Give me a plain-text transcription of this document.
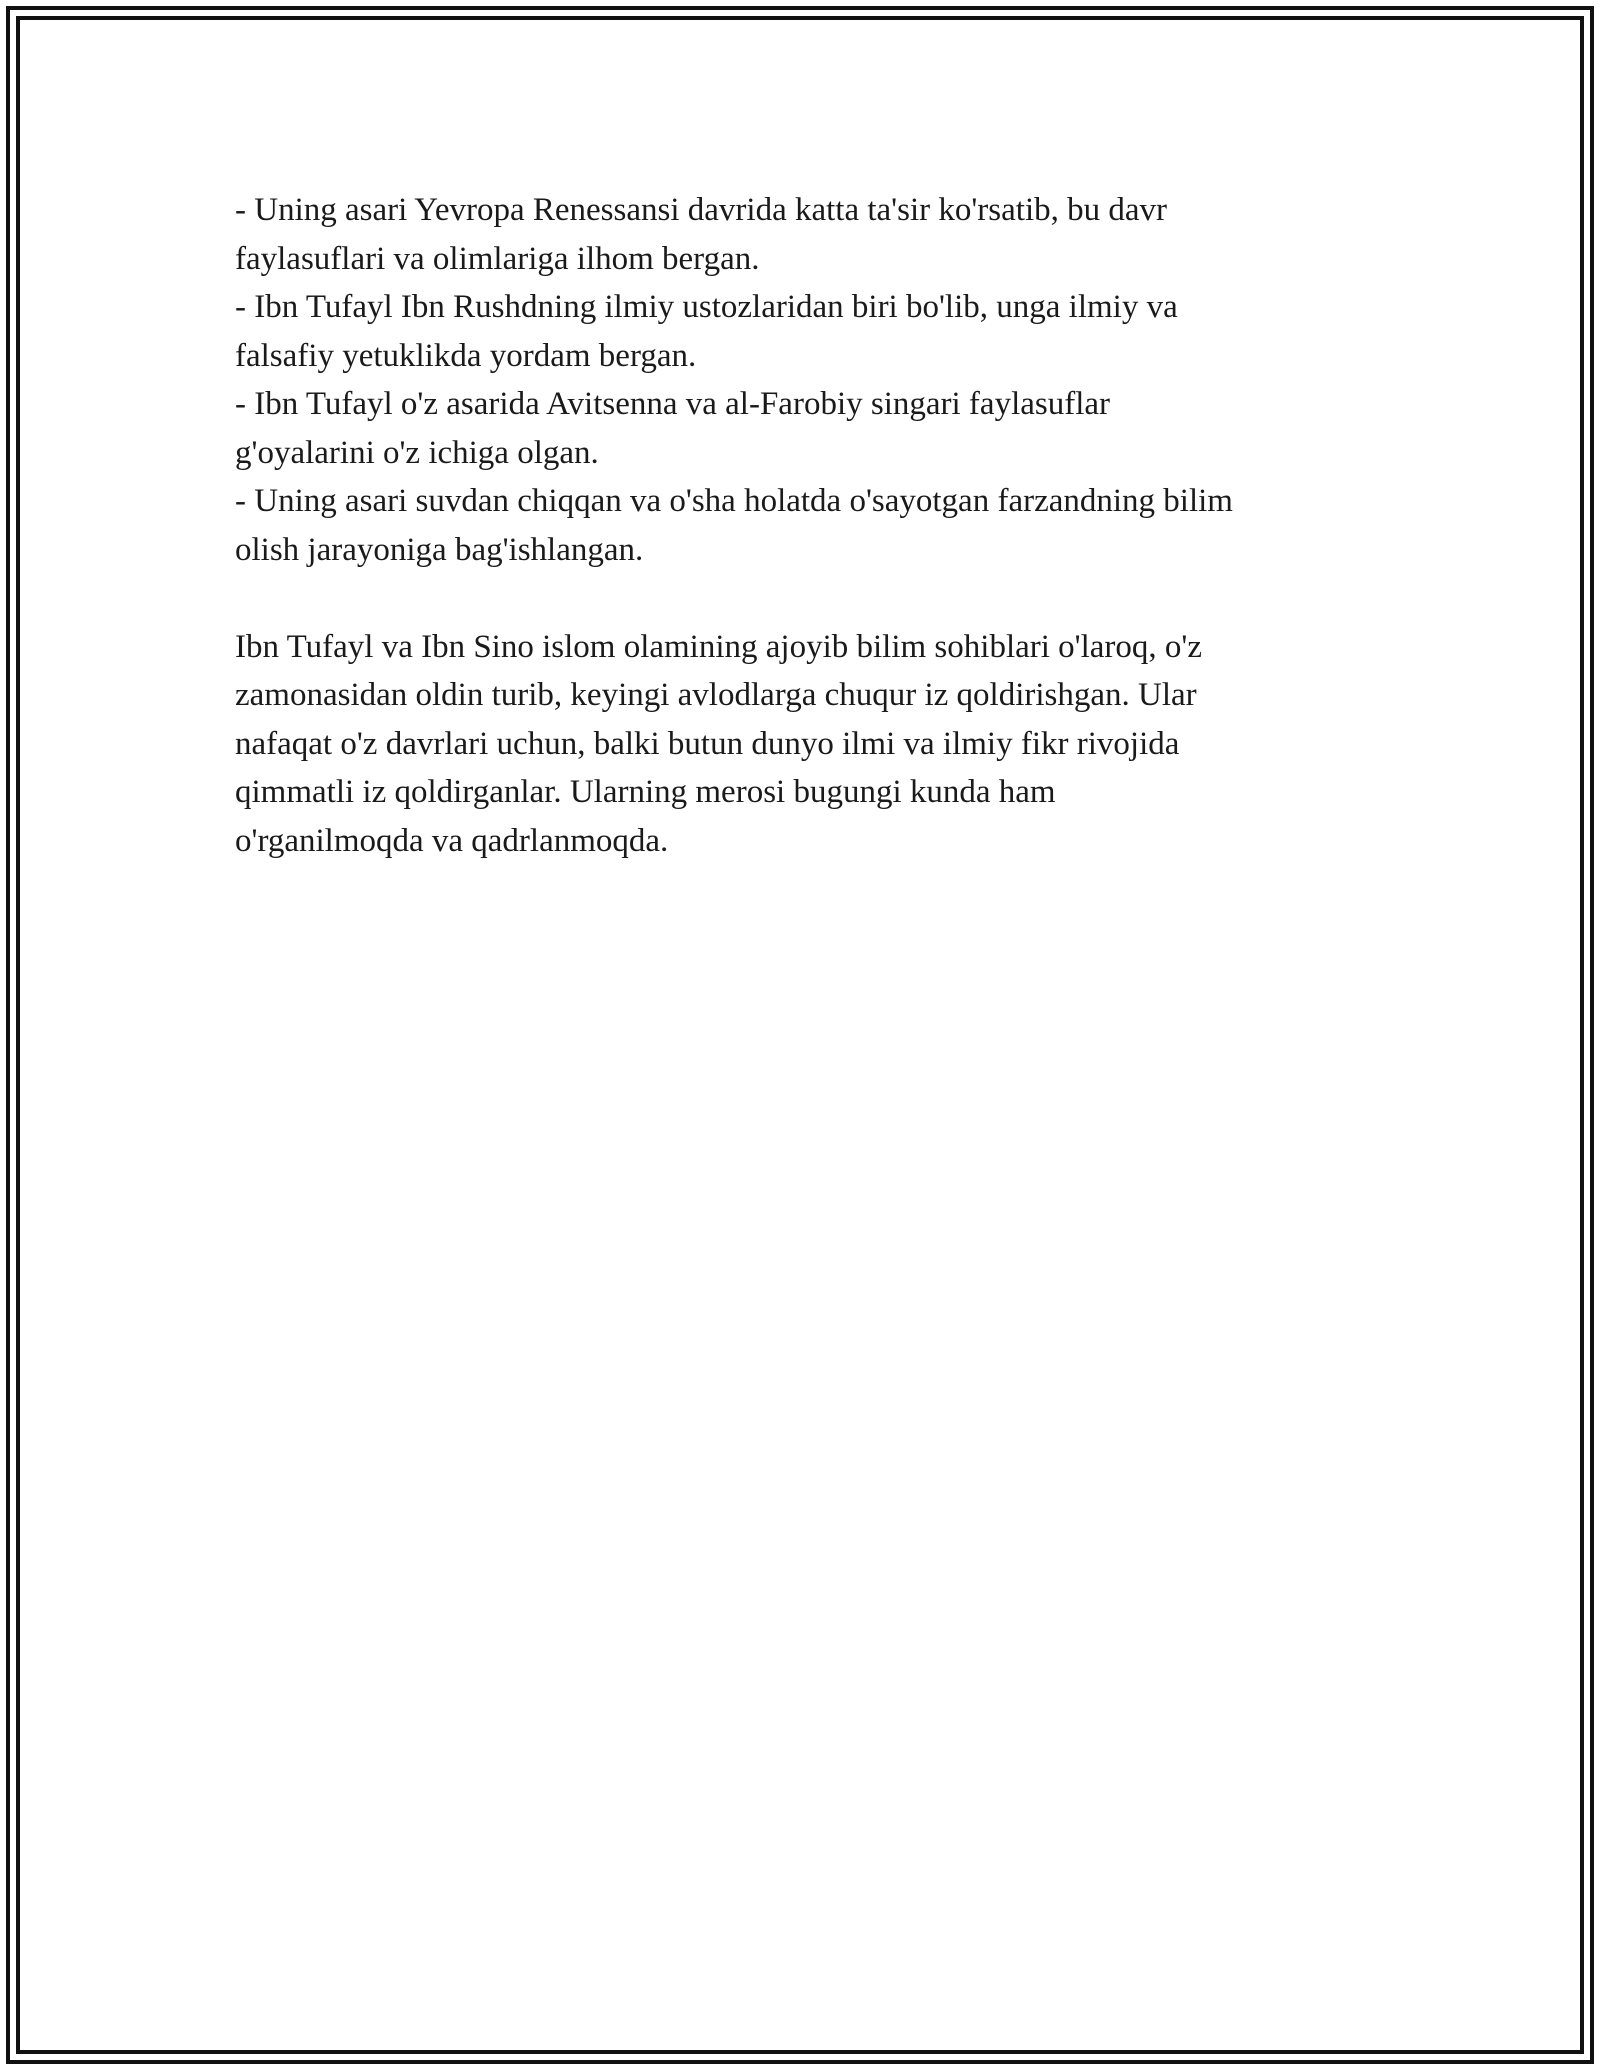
- Uning asari Yevropa Renessansi davrida katta ta'sir ko'rsatib, bu davr
faylasuflari va olimlariga ilhom bergan.
- Ibn Tufayl Ibn Rushdning ilmiy ustozlaridan biri bo'lib, unga ilmiy va
falsafiy yetuklikda yordam bergan.
- Ibn Tufayl o'z asarida Avitsenna va al-Farobiy singari faylasuflar
g'oyalarini o'z ichiga olgan.
- Uning asari suvdan chiqqan va o'sha holatda o'sayotgan farzandning bilim
olish jarayoniga bag'ishlangan.
Ibn Tufayl va Ibn Sino islom olamining ajoyib bilim sohiblari o'laroq, o'z
zamonasidan oldin turib, keyingi avlodlarga chuqur iz qoldirishgan. Ular
nafaqat o'z davrlari uchun, balki butun dunyo ilmi va ilmiy fikr rivojida
qimmatli iz qoldirganlar. Ularning merosi bugungi kunda ham
o'rganilmoqda va qadrlanmoqda.
